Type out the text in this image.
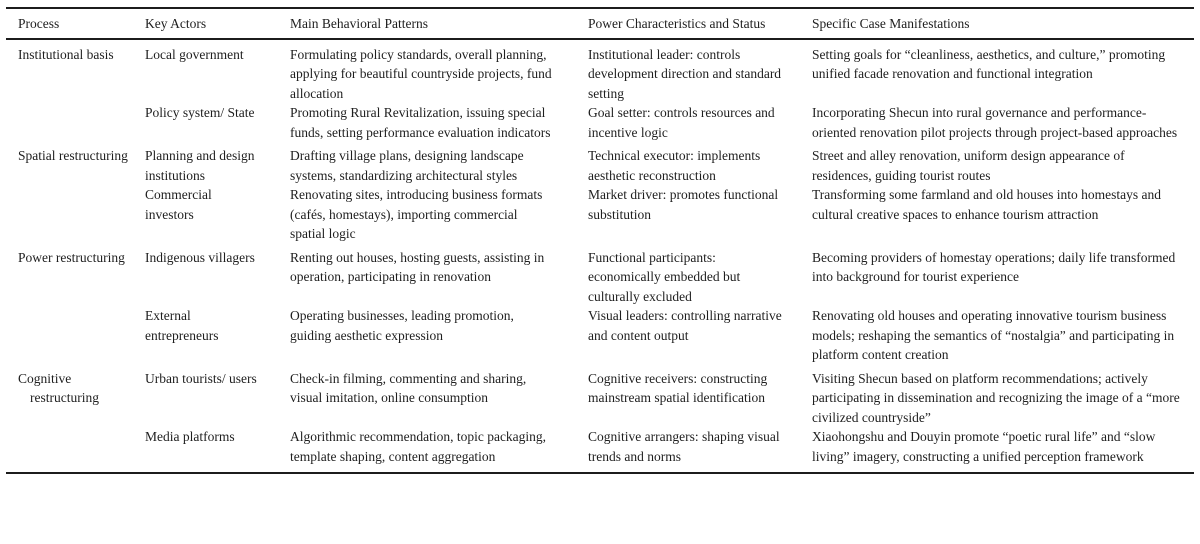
Process	Key Actors	Main Behavioral Patterns	Power Characteristics and Status	Specific Case Manifestations
Institutional basis	Local government	Formulating policy standards, overall planning, applying for beautiful countryside projects, fund allocation	Institutional leader: controls development direction and standard setting	Setting goals for “cleanliness, aesthetics, and culture,” promoting unified facade renovation and functional integration
	Policy system/ State	Promoting Rural Revitalization, issuing special funds, setting performance evaluation indicators	Goal setter: controls resources and incentive logic	Incorporating Shecun into rural governance and performance-oriented renovation pilot projects through project-based approaches
Spatial restructuring	Planning and design institutions	Drafting village plans, designing landscape systems, standardizing architectural styles	Technical executor: implements aesthetic reconstruction	Street and alley renovation, uniform design appearance of residences, guiding tourist routes
	Commercial investors	Renovating sites, introducing business formats (cafés, homestays), importing commercial spatial logic	Market driver: promotes functional substitution	Transforming some farmland and old houses into homestays and cultural creative spaces to enhance tourism attraction
Power restructuring	Indigenous villagers	Renting out houses, hosting guests, assisting in operation, participating in renovation	Functional participants: economically embedded but culturally excluded	Becoming providers of homestay operations; daily life transformed into background for tourist experience
	External entrepreneurs	Operating businesses, leading promotion, guiding aesthetic expression	Visual leaders: controlling narrative and content output	Renovating old houses and operating innovative tourism business models; reshaping the semantics of “nostalgia” and participating in platform content creation
Cognitive restructuring	Urban tourists/ users	Check-in filming, commenting and sharing, visual imitation, online consumption	Cognitive receivers: constructing mainstream spatial identification	Visiting Shecun based on platform recommendations; actively participating in dissemination and recognizing the image of a “more civilized countryside”
	Media platforms	Algorithmic recommendation, topic packaging, template shaping, content aggregation	Cognitive arrangers: shaping visual trends and norms	Xiaohongshu and Douyin promote “poetic rural life” and “slow living” imagery, constructing a unified perception framework
